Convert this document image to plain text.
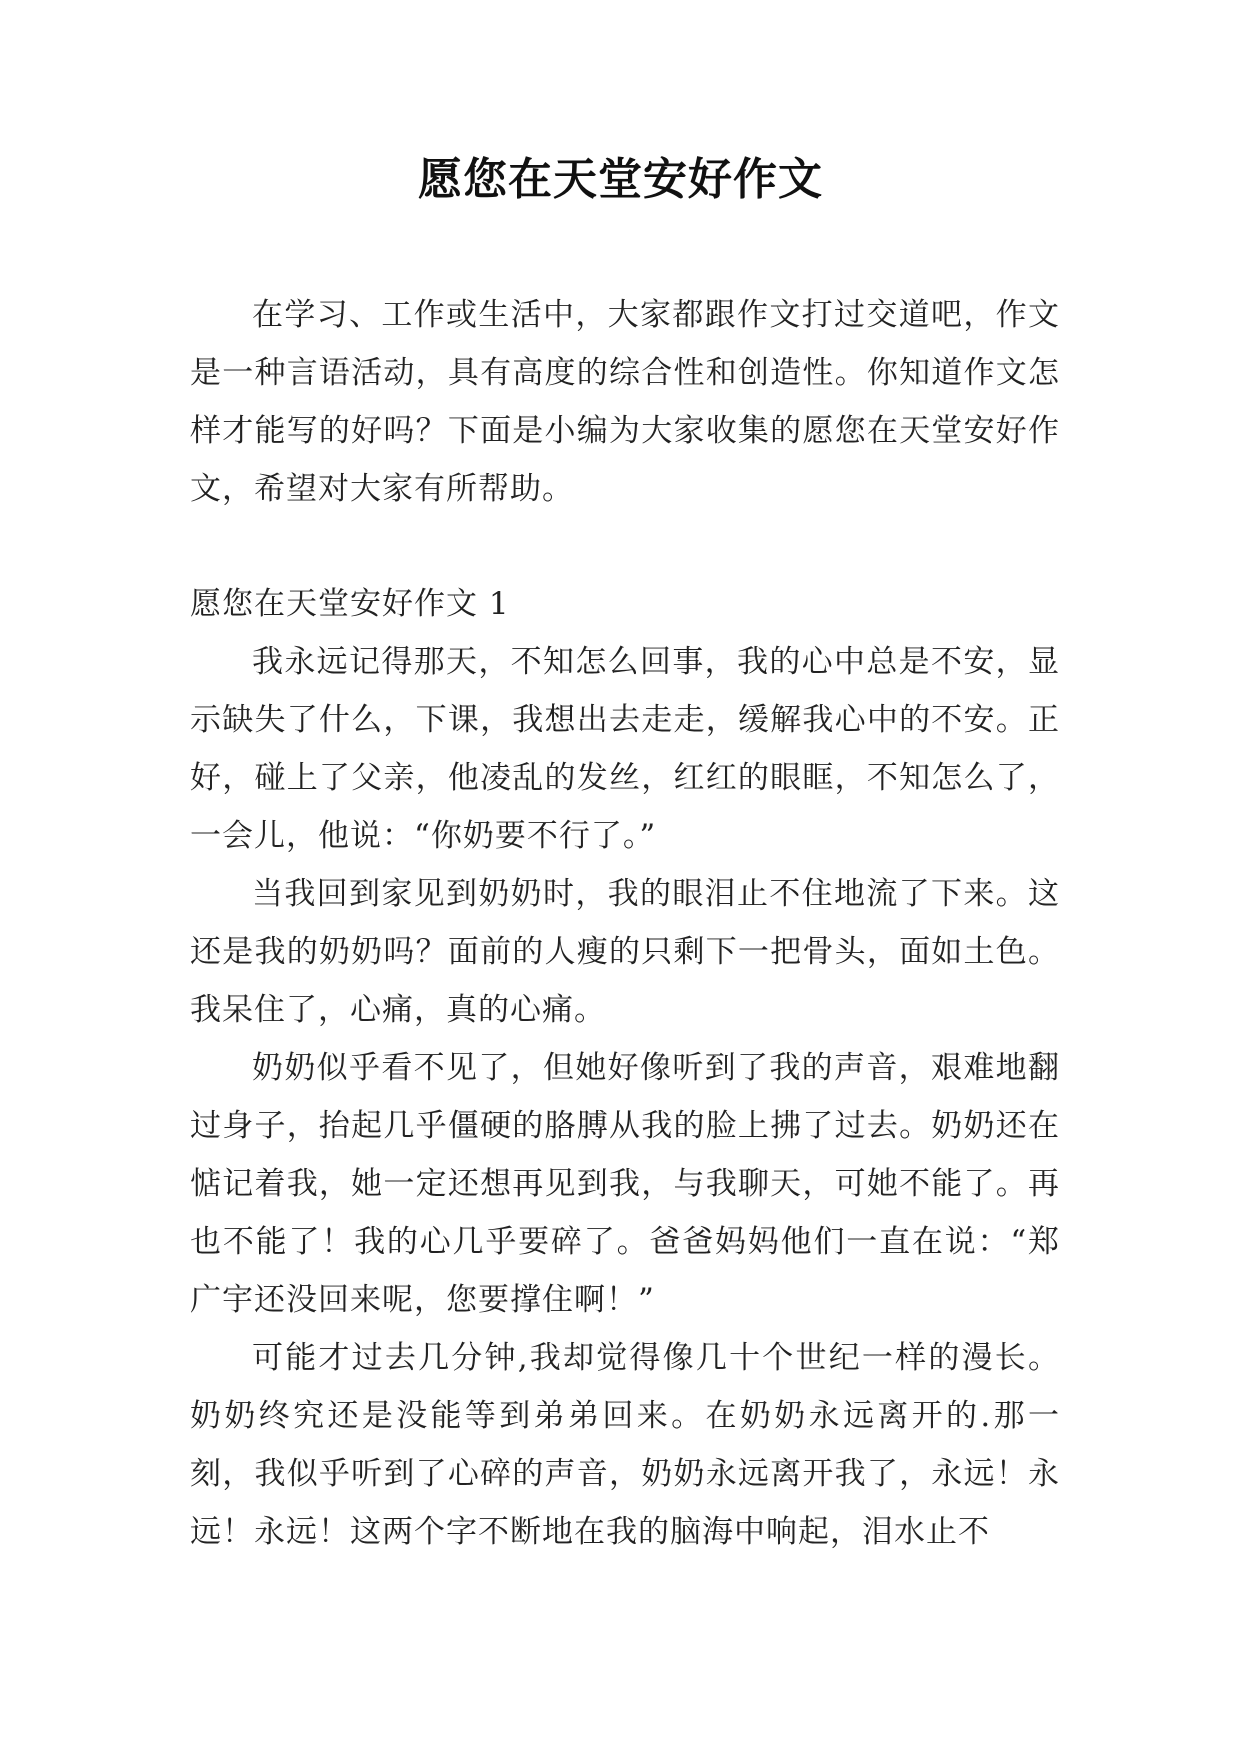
愿您在天堂安好作文

在学习、工作或生活中，大家都跟作文打过交道吧，作文是一种言语活动，具有高度的综合性和创造性。你知道作文怎样才能写的好吗？下面是小编为大家收集的愿您在天堂安好作文，希望对大家有所帮助。

愿您在天堂安好作文 1

我永远记得那天，不知怎么回事，我的心中总是不安，显示缺失了什么，下课，我想出去走走，缓解我心中的不安。正好，碰上了父亲，他凌乱的发丝，红红的眼眶，不知怎么了，一会儿，他说：“你奶要不行了。”

当我回到家见到奶奶时，我的眼泪止不住地流了下来。这还是我的奶奶吗？面前的人瘦的只剩下一把骨头，面如土色。我呆住了，心痛，真的心痛。

奶奶似乎看不见了，但她好像听到了我的声音，艰难地翻过身子，抬起几乎僵硬的胳膊从我的脸上拂了过去。奶奶还在惦记着我，她一定还想再见到我，与我聊天，可她不能了。再也不能了！我的心几乎要碎了。爸爸妈妈他们一直在说：“郑广宇还没回来呢，您要撑住啊！”

可能才过去几分钟,我却觉得像几十个世纪一样的漫长。奶奶终究还是没能等到弟弟回来。在奶奶永远离开的.那一刻，我似乎听到了心碎的声音，奶奶永远离开我了，永远！永远！永远！这两个字不断地在我的脑海中响起，泪水止不
